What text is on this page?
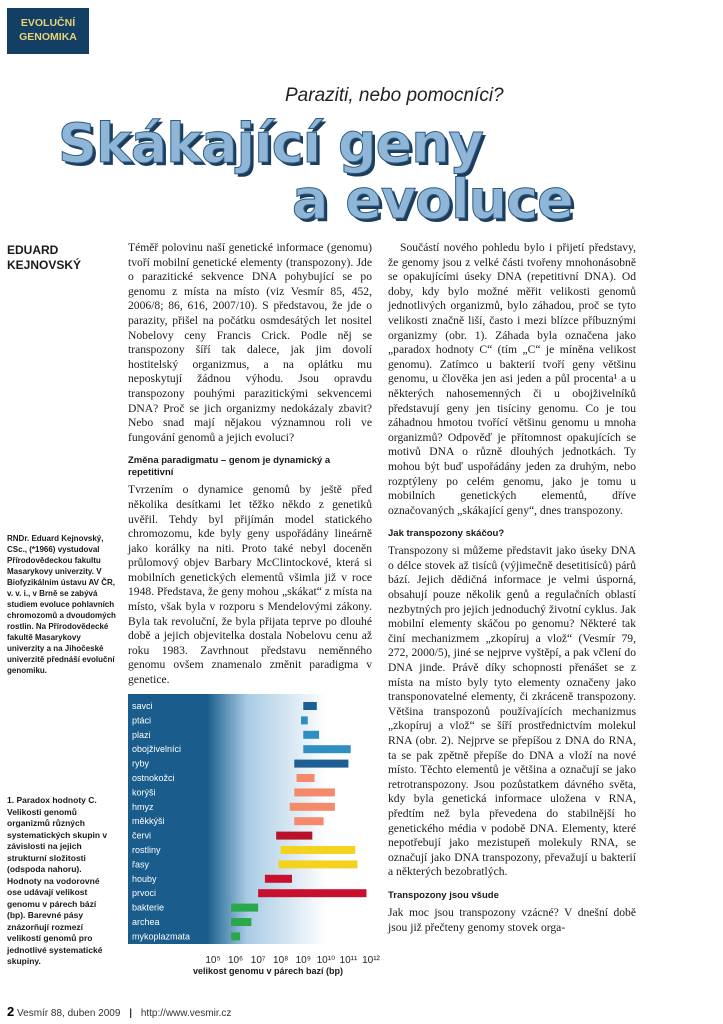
EVOLUČNÍ
GENOMIKA
Paraziti, nebo pomocníci?
Skákající geny
a evoluce
EDUARD
KEJNOVSKÝ
RNDr. Eduard Kejnovský, CSc., (*1966) vystudoval Přírodovědeckou fakultu Masarykovy univerzity. V Biofyzikálním ústavu AV ČR, v. v. i., v Brně se zabývá studiem evoluce pohlavních chromozomů a dvoudomých rostlin. Na Přírodovědecké fakultě Masarykovy univerzity a na Jihočeské univerzitě přednáší evoluční genomiku.
1. Paradox hodnoty C. Velikosti genomů organizmů různých systematických skupin v závislosti na jejich strukturní složitosti (odspoda nahoru). Hodnoty na vodorovné ose udávají velikost genomu v párech bází (bp). Barevné pásy znázorňují rozmezí velikostí genomů pro jednotlivé systematické skupiny.

Téměř polovinu naší genetické informace (genomu) tvoří mobilní genetické elementy (transpozony). Jde o parazitické sekvence DNA pohybující se po genomu z místa na místo (viz Vesmír 85, 452, 2006/8; 86, 616, 2007/10). S představou, že jde o parazity, přišel na počátku osmdesátých let nositel Nobelovy ceny Francis Crick. Podle něj se transpozony šíří tak dalece, jak jim dovolí hostitelský organizmus, a na oplátku mu neposkytují žádnou výhodu. Jsou opravdu transpozony pouhými parazitickými sekvencemi DNA? Proč se jich organizmy nedokázaly zbavit? Nebo snad mají nějakou významnou roli ve fungování genomů a jejich evoluci?

Změna paradigmatu – genom je dynamický a repetitivní

Tvrzením o dynamice genomů by ještě před několika desítkami let těžko někdo z genetiků uvěřil. Tehdy byl přijímán model statického chromozomu, kde byly geny uspořádány lineárně jako korálky na niti. Proto také nebyl doceněn průlomový objev Barbary McClintockové, která si mobilních genetických elementů všimla již v roce 1948. Představa, že geny mohou „skákat“ z místa na místo, však byla v rozporu s Mendelovými zákony. Byla tak revoluční, že byla přijata teprve po dlouhé době a jejich objevitelka dostala Nobelovu cenu až roku 1983. Zavrhnout představu neměnného genomu ovšem znamenalo změnit paradigma v genetice.

Součástí nového pohledu bylo i přijetí představy, že genomy jsou z velké části tvořeny mnohonásobně se opakujícími úseky DNA (repetitivní DNA). Od doby, kdy bylo možné měřit velikosti genomů jednotlivých organizmů, bylo záhadou, proč se tyto velikosti značně liší, často i mezi blízce příbuznými organizmy (obr. 1). Záhada byla označena jako „paradox hodnoty C“ (tím „C“ je míněna velikost genomu). Zatímco u bakterií tvoří geny většinu genomu, u člověka jen asi jeden a půl procenta¹ a u některých nahosemenných či u obojživelníků představují geny jen tisíciny genomu. Co je tou záhadnou hmotou tvořící většinu genomu u mnoha organizmů? Odpověď je přítomnost opakujících se motivů DNA o různě dlouhých jednotkách. Ty mohou být buď uspořádány jeden za druhým, nebo rozptýleny po celém genomu, jako je tomu u mobilních genetických elementů, dříve označovaných „skákající geny“, dnes transpozony.

Jak transpozony skáčou?

Transpozony si můžeme představit jako úseky DNA o délce stovek až tisíců (výjimečně desetitisíců) párů bází. Jejich dědičná informace je velmi úsporná, obsahují pouze několik genů a regulačních oblastí nezbytných pro jejich jednoduchý životní cyklus. Jak mobilní elementy skáčou po genomu? Některé tak činí mechanizmem „zkopíruj a vlož“ (Vesmír 79, 272, 2000/5), jiné se nejprve vyštěpí, a pak včlení do DNA jinde. Právě díky schopnosti přenášet se z místa na místo byly tyto elementy označeny jako transponovatelné elementy, či zkráceně transpozony. Většina transpozonů používajících mechanizmus „zkopíruj a vlož“ se šíří prostřednictvím molekul RNA (obr. 2). Nejprve se přepíšou z DNA do RNA, ta se pak zpětně přepíše do DNA a vloží na nové místo. Těchto elementů je většina a označují se jako retrotranspozony. Jsou pozůstatkem dávného světa, kdy byla genetická informace uložena v RNA, předtím než byla převedena do stabilnější ho genetického média v podobě DNA. Elementy, které nepotřebují jako mezistupeň molekuly RNA, se označují jako DNA transpozony, převažují u bakterií a některých bezobratlých.

Transpozony jsou všude

Jak moc jsou transpozony vzácné? V dnešní době jsou již přečteny genomy stovek orga-

savci
ptáci
plazi
obojživelníci
ryby
ostnokožci
korýši
hmyz
měkkýši
červi
rostliny
řasy
houby
prvoci
bakterie
archea
mykoplazmata
10⁵ 10⁶ 10⁷ 10⁸ 10⁹ 10¹⁰ 10¹¹ 10¹²
velikost genomu v párech bazí (bp)
2 Vesmír 88, duben 2009 | http://www.vesmir.cz
